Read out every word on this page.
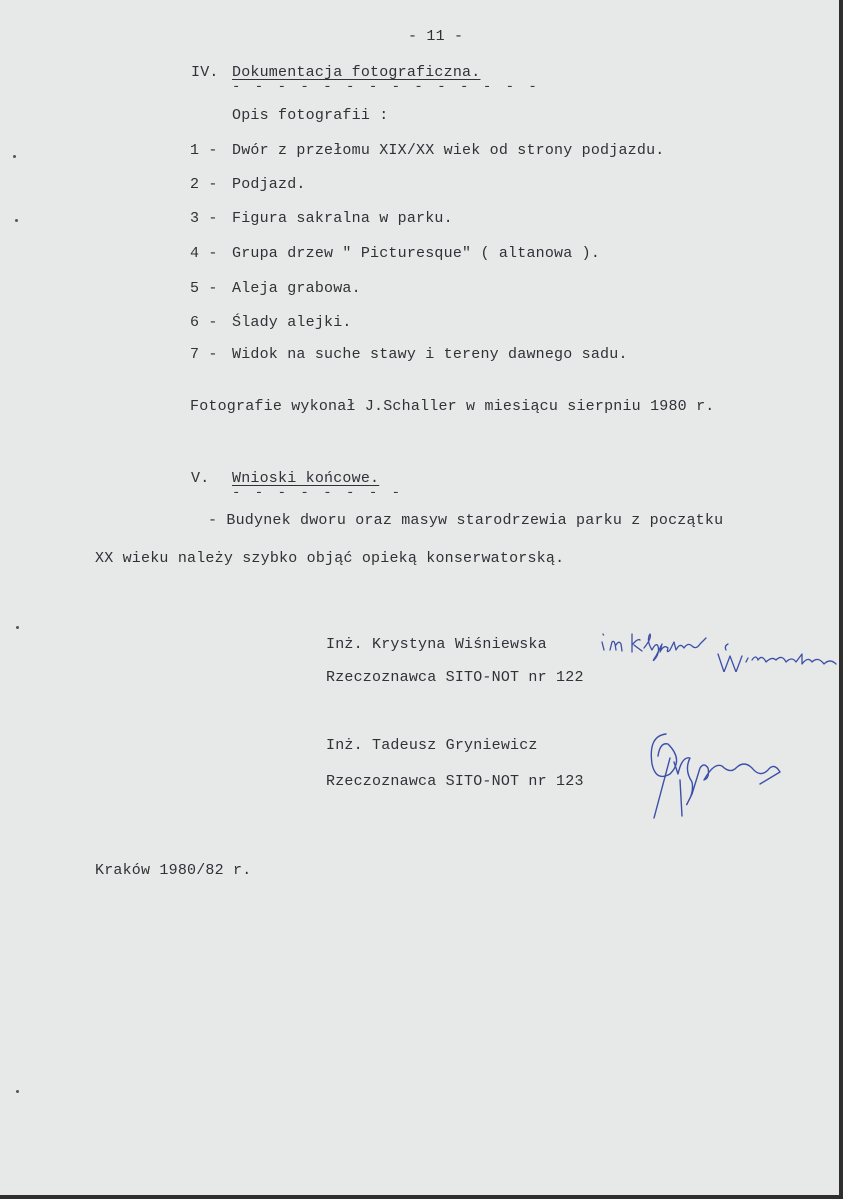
- 11 -
IV. Dokumentacja fotograficzna.
- - - - - - - - - - - - - -
Opis fotografii :
1 - Dwór z przełomu XIX/XX wiek od strony podjazdu.
2 - Podjazd.
3 - Figura sakralna w parku.
4 - Grupa drzew " Picturesque" ( altanowa ).
5 - Aleja grabowa.
6 - Ślady alejki.
7 - Widok na suche stawy i tereny dawnego sadu.
Fotografie wykonał J.Schaller w miesiącu sierpniu 1980 r.
V. Wnioski końcowe.
- - - - - - - -
- Budynek dworu oraz masyw starodrzewia parku z początku
XX wieku należy szybko objąć opieką konserwatorską.
Inż. Krystyna Wiśniewska
Rzeczoznawca SITO-NOT nr 122
Inż. Tadeusz Gryniewicz
Rzeczoznawca SITO-NOT nr 123
Kraków 1980/82 r.
